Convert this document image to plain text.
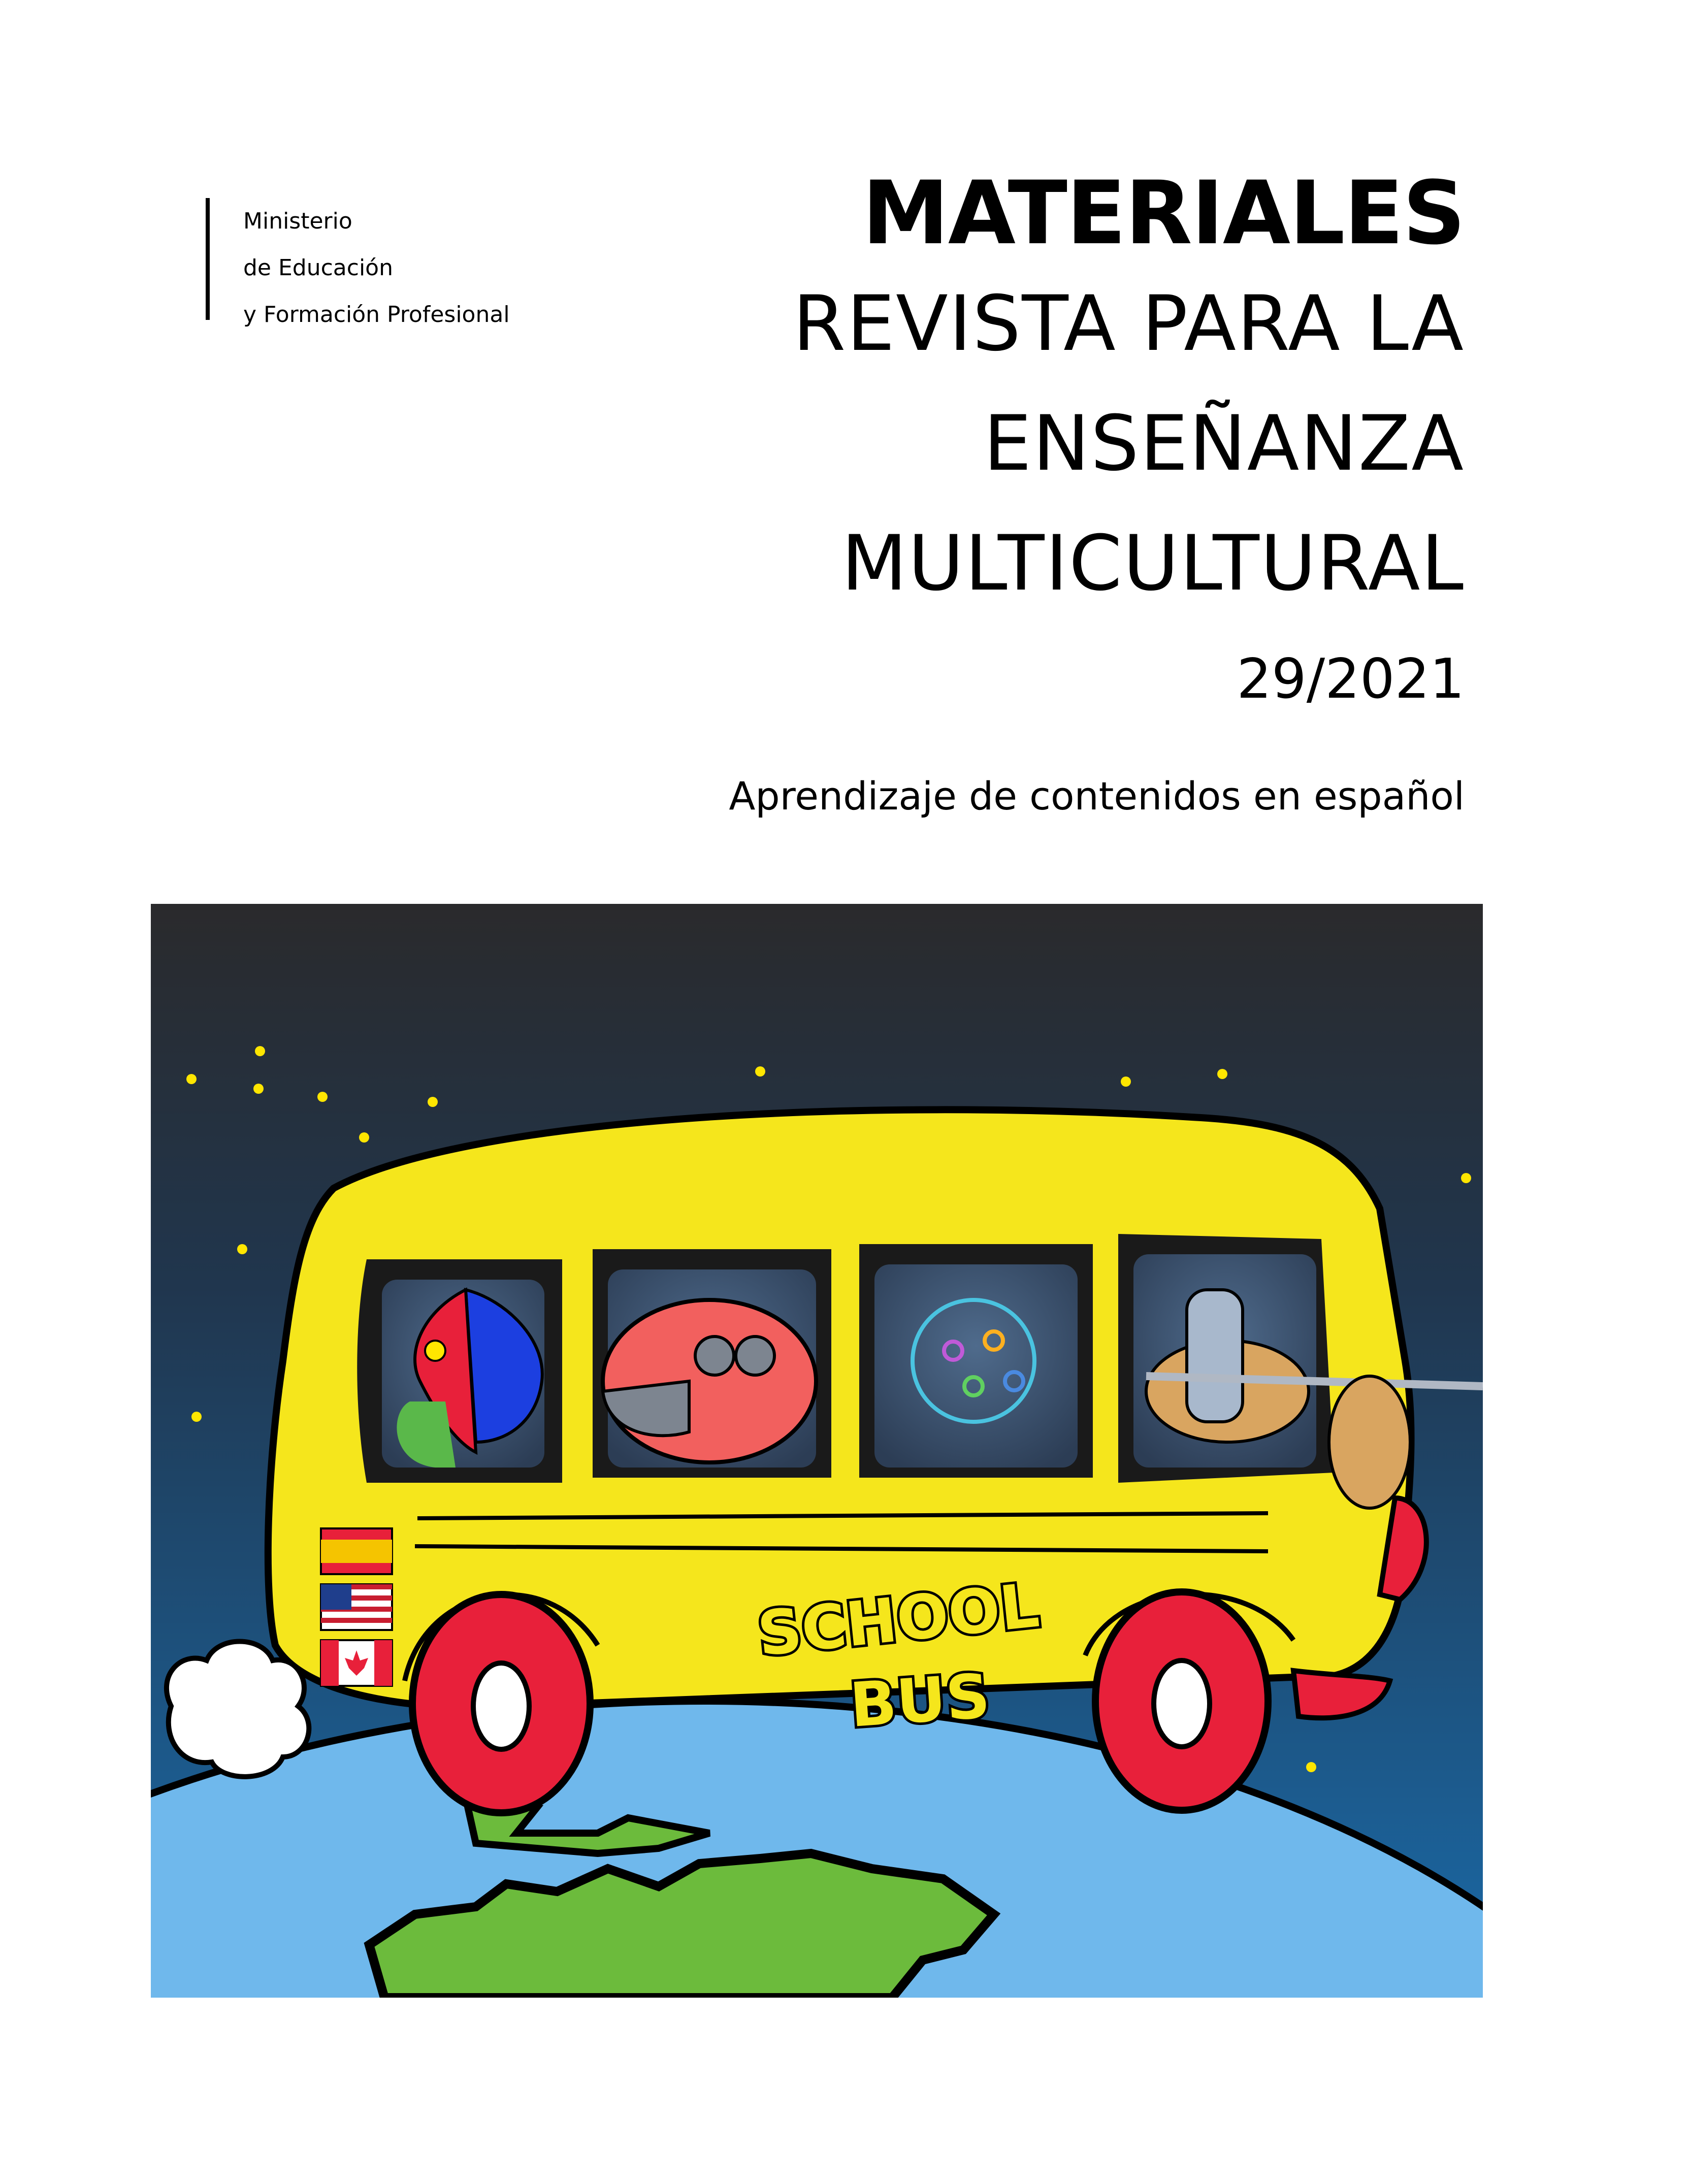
Ministerio
de Educación
y Formación Profesional
MATERIALES
REVISTA PARA LA
ENSEÑANZA
MULTICULTURAL
29/2021
Aprendizaje de contenidos en español
SCHOOL
BUS
